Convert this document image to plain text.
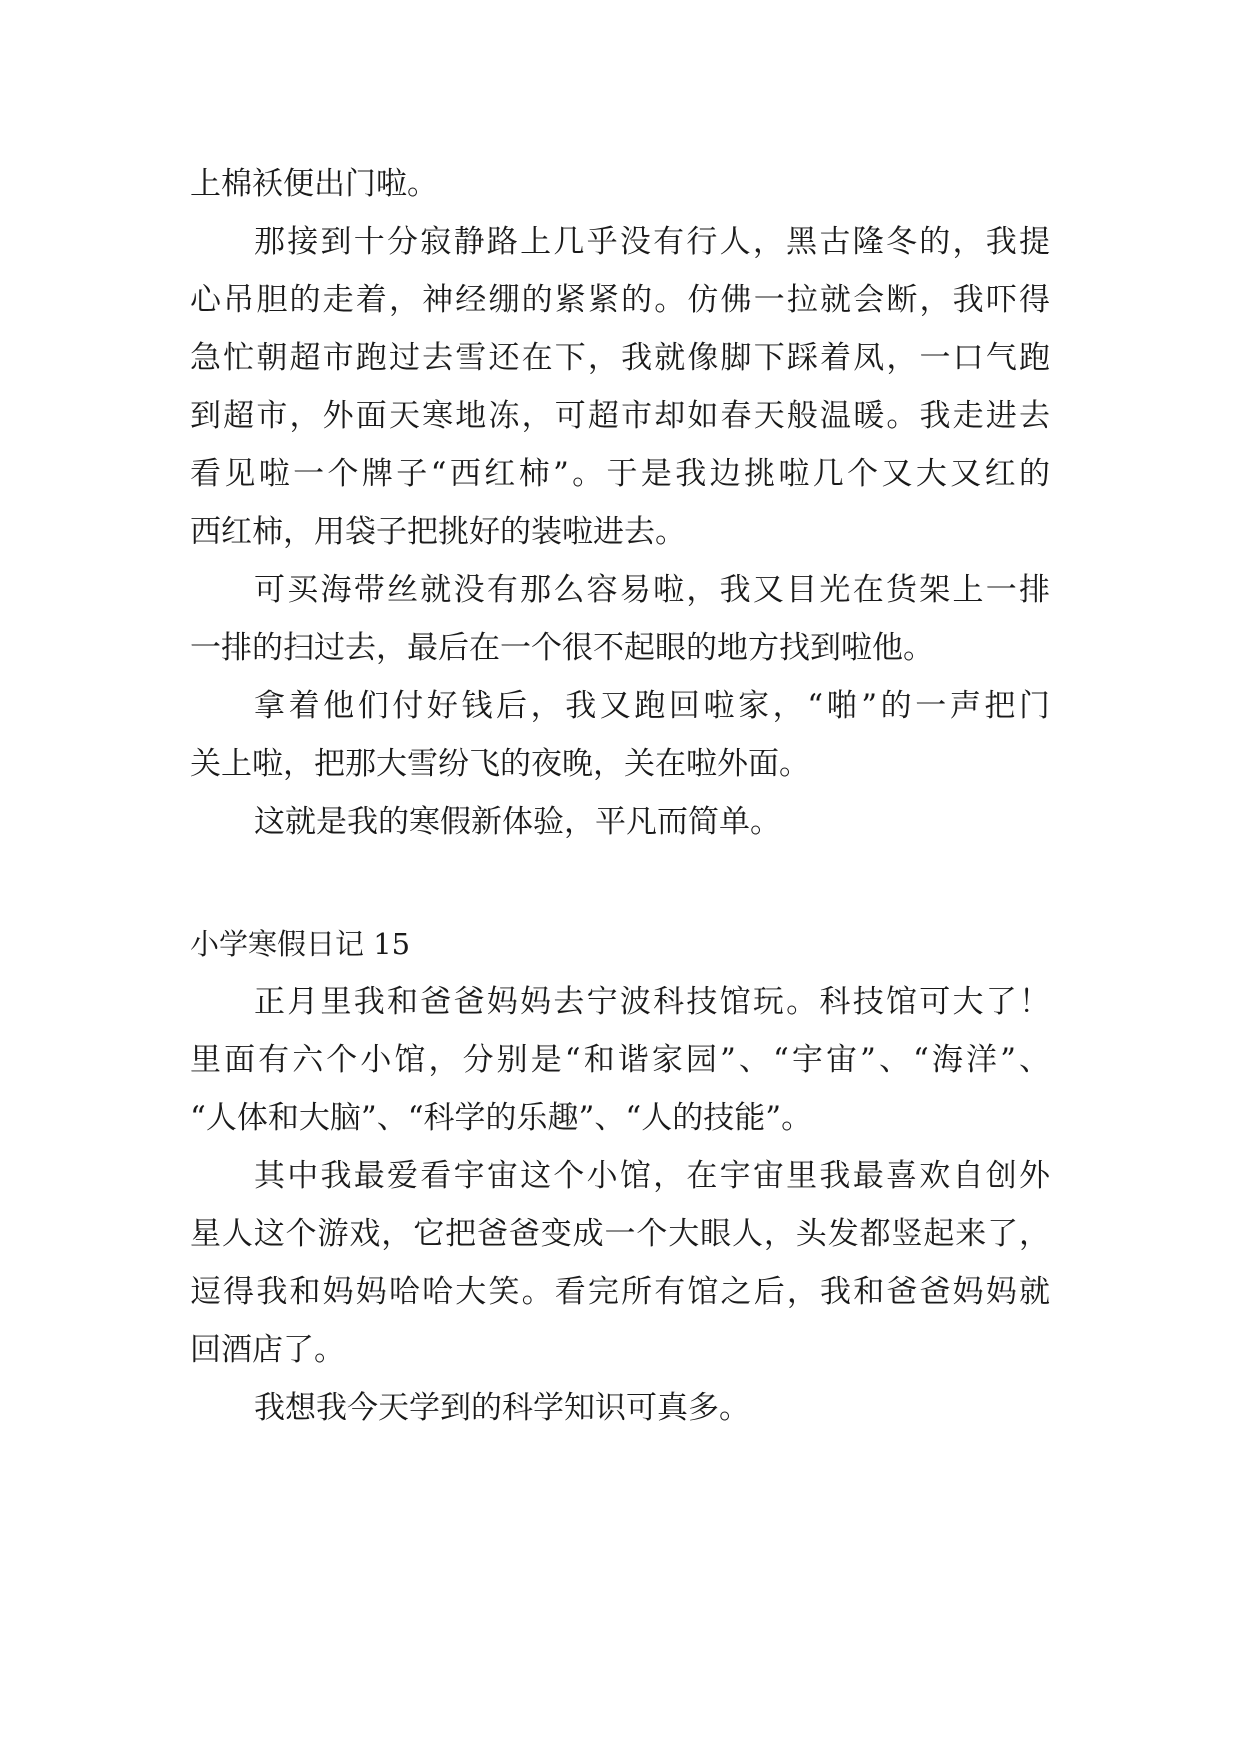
上棉袄便出门啦。
那接到十分寂静路上几乎没有行人，黑古隆冬的，我提
心吊胆的走着，神经绷的紧紧的。仿佛一拉就会断，我吓得
急忙朝超市跑过去雪还在下，我就像脚下踩着凤，一口气跑
到超市，外面天寒地冻，可超市却如春天般温暖。我走进去
看见啦一个牌子“西红柿”。于是我边挑啦几个又大又红的
西红柿，用袋子把挑好的装啦进去。
可买海带丝就没有那么容易啦，我又目光在货架上一排
一排的扫过去，最后在一个很不起眼的地方找到啦他。
拿着他们付好钱后，我又跑回啦家，“啪”的一声把门
关上啦，把那大雪纷飞的夜晚，关在啦外面。
这就是我的寒假新体验，平凡而简单。
小学寒假日记 15
正月里我和爸爸妈妈去宁波科技馆玩。科技馆可大了！
里面有六个小馆，分别是“和谐家园”、“宇宙”、“海洋”、
“人体和大脑”、“科学的乐趣”、“人的技能”。
其中我最爱看宇宙这个小馆，在宇宙里我最喜欢自创外
星人这个游戏，它把爸爸变成一个大眼人，头发都竖起来了，
逗得我和妈妈哈哈大笑。看完所有馆之后，我和爸爸妈妈就
回酒店了。
我想我今天学到的科学知识可真多。
